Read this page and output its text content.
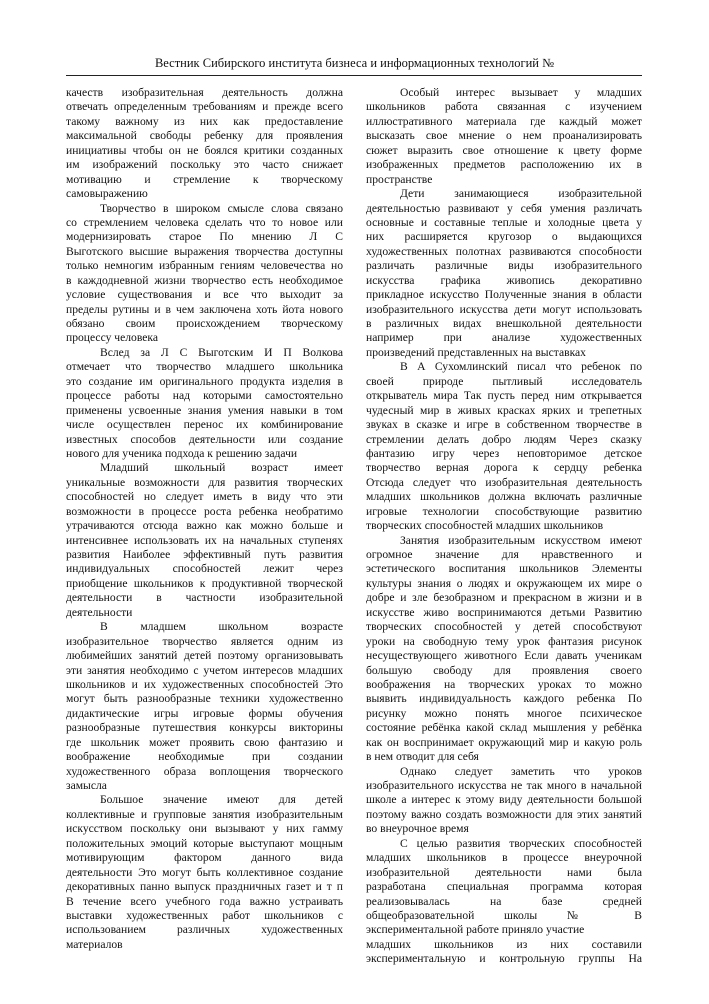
Вестник Сибирского института бизнеса и информационных технологий №
качеств изобразительная деятельность должна
отвечать определенным требованиям и прежде всего
такому важному из них как предоставление
максимальной свободы ребенку для проявления
инициативы чтобы он не боялся критики созданных
им изображений поскольку это часто снижает
мотивацию и стремление к творческому
самовыражению
Творчество в широком смысле слова связано
со стремлением человека сделать что то новое или
модернизировать старое По мнению Л С
Выготского высшие выражения творчества доступны
только немногим избранным гениям человечества но
в каждодневной жизни творчество есть необходимое
условие существования и все что выходит за
пределы рутины и в чем заключена хоть йота нового
обязано своим происхождением творческому
процессу человека
Вслед за Л С Выготским И П Волкова
отмечает что творчество младшего школьника
это создание им оригинального продукта изделия в
процессе работы над которыми самостоятельно
применены усвоенные знания умения навыки в том
числе осуществлен перенос их комбинирование
известных способов деятельности или создание
нового для ученика подхода к решению задачи
Младший школьный возраст имеет
уникальные возможности для развития творческих
способностей но следует иметь в виду что эти
возможности в процессе роста ребенка необратимо
утрачиваются отсюда важно как можно больше и
интенсивнее использовать их на начальных ступенях
развития Наиболее эффективный путь развития
индивидуальных способностей лежит через
приобщение школьников к продуктивной творческой
деятельности в частности изобразительной
деятельности
В младшем школьном возрасте
изобразительное творчество является одним из
любимейших занятий детей поэтому организовывать
эти занятия необходимо с учетом интересов младших
школьников и их художественных способностей Это
могут быть разнообразные техники художественно
дидактические игры игровые формы обучения
разнообразные путешествия конкурсы викторины
где школьник может проявить свою фантазию и
воображение необходимые при создании
художественного образа воплощения творческого
замысла
Большое значение имеют для детей
коллективные и групповые занятия изобразительным
искусством поскольку они вызывают у них гамму
положительных эмоций которые выступают мощным
мотивирующим фактором данного вида
деятельности Это могут быть коллективное создание
декоративных панно выпуск праздничных газет и т п
В течение всего учебного года важно устраивать
выставки художественных работ школьников с
использованием различных художественных
материалов
Особый интерес вызывает у младших
школьников работа связанная с изучением
иллюстративного материала где каждый может
высказать свое мнение о нем проанализировать
сюжет выразить свое отношение к цвету форме
изображенных предметов расположению их в
пространстве
Дети занимающиеся изобразительной
деятельностью развивают у себя умения различать
основные и составные теплые и холодные цвета у
них расширяется кругозор о выдающихся
художественных полотнах развиваются способности
различать различные виды изобразительного
искусства графика живопись декоративно
прикладное искусство Полученные знания в области
изобразительного искусства дети могут использовать
в различных видах внешкольной деятельности
например при анализе художественных
произведений представленных на выставках
В А Сухомлинский писал что ребенок по
своей природе пытливый исследователь
открыватель мира Так пусть перед ним открывается
чудесный мир в живых красках ярких и трепетных
звуках в сказке и игре в собственном творчестве в
стремлении делать добро людям Через сказку
фантазию игру через неповторимое детское
творчество верная дорога к сердцу ребенка
Отсюда следует что изобразительная деятельность
младших школьников должна включать различные
игровые технологии способствующие развитию
творческих способностей младших школьников
Занятия изобразительным искусством имеют
огромное значение для нравственного и
эстетического воспитания школьников Элементы
культуры знания о людях и окружающем их мире о
добре и зле безобразном и прекрасном в жизни и в
искусстве живо воспринимаются детьми Развитию
творческих способностей у детей способствуют
уроки на свободную тему урок фантазия рисунок
несуществующего животного Если давать ученикам
большую свободу для проявления своего
воображения на творческих уроках то можно
выявить индивидуальность каждого ребенка По
рисунку можно понять многое психическое
состояние ребёнка какой склад мышления у ребёнка
как он воспринимает окружающий мир и какую роль
в нем отводит для себя
Однако следует заметить что уроков
изобразительного искусства не так много в начальной
школе а интерес к этому виду деятельности большой
поэтому важно создать возможности для этих занятий
во внеурочное время
С целью развития творческих способностей
младших школьников в процессе внеурочной
изобразительной деятельности нами была
разработана специальная программа которая
реализовывалась на базе средней
общеобразовательной школы № В
экспериментальной работе приняло участие
младших школьников из них составили
экспериментальную и контрольную группы На
